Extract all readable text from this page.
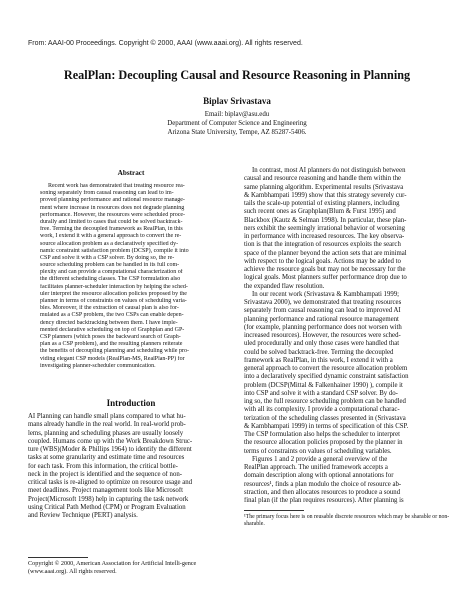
From: AAAI-00 Proceedings. Copyright © 2000, AAAI (www.aaai.org). All rights reserved.
RealPlan: Decoupling Causal and Resource Reasoning in Planning
Biplav Srivastava
Email: biplav@asu.edu
Department of Computer Science and Engineering
Arizona State University, Tempe, AZ 85287-5406.
Abstract
Recent work has demonstrated that treating resource rea-
soning separately from causal reasoning can lead to im-
proved planning performance and rational resource manage-
ment where increase in resources does not degrade planning
performance. However, the resources were scheduled proce-
durally and limited to cases that could be solved backtrack-
free. Terming the decoupled framework as RealPlan, in this
work, I extend it with a general approach to convert the re-
source allocation problem as a declaratively specified dy-
namic constraint satisfaction problem (DCSP), compile it into
CSP and solve it with a CSP solver. By doing so, the re-
source scheduling problem can be handled in its full com-
plexity and can provide a computational characterization of
the different scheduling classes. The CSP formulation also
facilitates planner-scheduler interaction by helping the sched-
uler interpret the resource allocation policies proposed by the
planner in terms of constraints on values of scheduling varia-
bles. Moreover, if the extraction of causal plan is also for-
mulated as a CSP problem, the two CSPs can enable depen-
dency directed backtracking between them. I have imple-
mented declarative scheduling on top of Graphplan and GP-
CSP planners (which poses the backward search of Graph-
plan as a CSP problem), and the resulting planners reiterate
the benefits of decoupling planning and scheduling while pro-
viding elegant CSP models (RealPlan-MS, RealPlan-PP) for
investigating planner-scheduler communication.
Introduction
AI Planning can handle small plans compared to what hu-
mans already handle in the real world. In real-world prob-
lems, planning and scheduling phases are usually loosely
coupled. Humans come up with the Work Breakdown Struc-
ture (WBS)(Moder & Phillips 1964) to identify the different
tasks at some granularity and estimate time and resources
for each task. From this information, the critical bottle-
neck in the project is identified and the sequence of non-
critical tasks is re-aligned to optimize on resource usage and
meet deadlines. Project management tools like Microsoft
Project(Microsoft 1998) help in capturing the task network
using Critical Path Method (CPM) or Program Evaluation
and Review Technique (PERT) analysis.
Copyright © 2000, American Association for Artificial Intelli-gence (www.aaai.org). All rights reserved.
In contrast, most AI planners do not distinguish between
causal and resource reasoning and handle them within the
same planning algorithm. Experimental results (Srivastava
& Kambhampati 1999) show that this strategy severely cur-
tails the scale-up potential of existing planners, including
such recent ones as Graphplan(Blum & Furst 1995) and
Blackbox (Kautz & Selman 1998). In particular, these plan-
ners exhibit the seemingly irrational behavior of worsening
in performance with increased resources. The key observa-
tion is that the integration of resources exploits the search
space of the planner beyond the action sets that are minimal
with respect to the logical goals. Actions may be added to
achieve the resource goals but may not be necessary for the
logical goals. Most planners suffer performance drop due to
the expanded flaw resolution.
In our recent work (Srivastava & Kambhampati 1999;
Srivastava 2000), we demonstrated that treating resources
separately from causal reasoning can lead to improved AI
planning performance and rational resource management
(for example, planning performance does not worsen with
increased resources). However, the resources were sched-
uled procedurally and only those cases were handled that
could be solved backtrack-free. Terming the decoupled
framework as RealPlan, in this work, I extend it with a
general approach to convert the resource allocation problem
into a declaratively specified dynamic constraint satisfaction
problem (DCSP(Mittal & Falkenhainer 1990) ), compile it
into CSP and solve it with a standard CSP solver. By do-
ing so, the full resource scheduling problem can be handled
with all its complexity. I provide a computational charac-
terization of the scheduling classes presented in (Srivastava
& Kambhampati 1999) in terms of specification of this CSP.
The CSP formulation also helps the scheduler to interpret
the resource allocation policies proposed by the planner in
terms of constraints on values of scheduling variables.
Figures 1 and 2 provide a general overview of the
RealPlan approach. The unified framework accepts a
domain description along with optional annotations for
resources¹, finds a plan modulo the choice of resource ab-
straction, and then allocates resources to produce a sound
final plan (if the plan requires resources). After planning is
¹The primary focus here is on reusable discrete resources which may be sharable or non-sharable.
